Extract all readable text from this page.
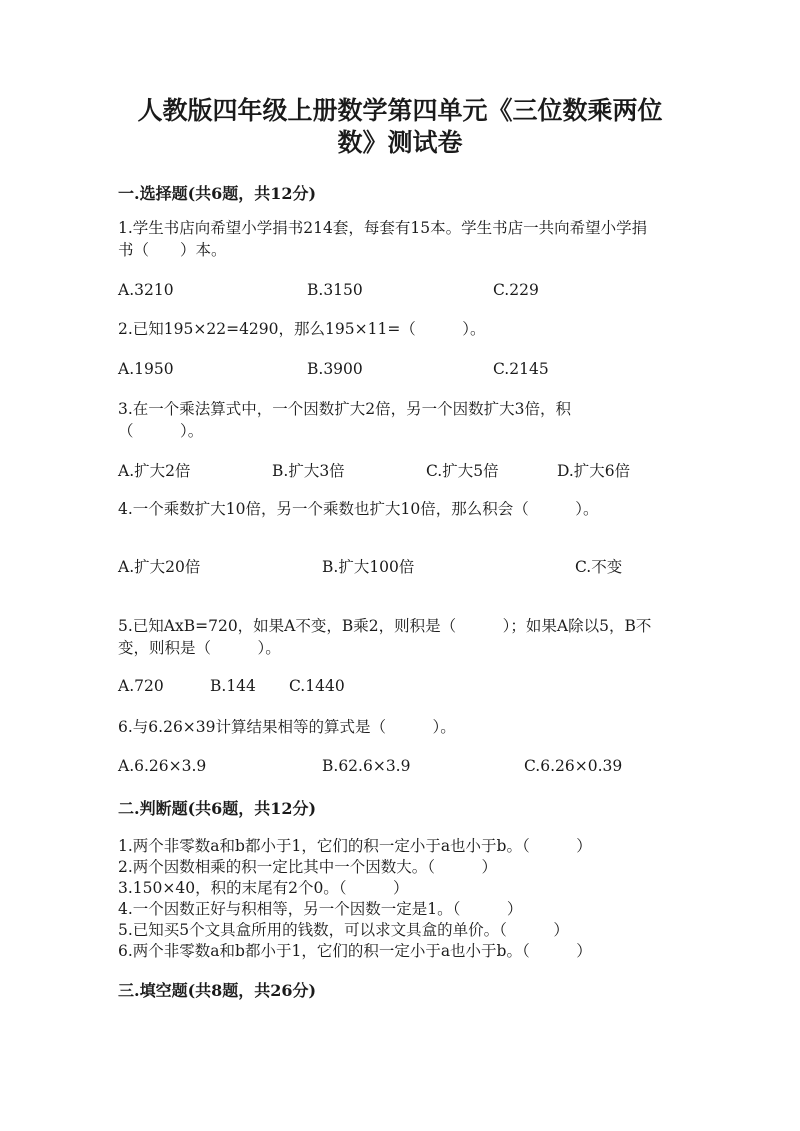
人教版四年级上册数学第四单元《三位数乘两位
数》测试卷

一.选择题(共6题，共12分)

1.学生书店向希望小学捐书214套，每套有15本。学生书店一共向希望小学捐
书（　　）本。

A.3210	B.3150	C.229

2.已知195×22=4290，那么195×11=（　　　）。

A.1950	B.3900	C.2145

3.在一个乘法算式中，一个因数扩大2倍，另一个因数扩大3倍，积
（　　　）。

A.扩大2倍	B.扩大3倍	C.扩大5倍	D.扩大6倍

4.一个乘数扩大10倍，另一个乘数也扩大10倍，那么积会（　　　）。

A.扩大20倍	B.扩大100倍	C.不变

5.已知AxB=720，如果A不变，B乘2，则积是（　　　）；如果A除以5，B不
变，则积是（　　　）。

A.720	B.144 C.1440

6.与6.26×39计算结果相等的算式是（　　　）。

A.6.26×3.9	B.62.6×3.9	C.6.26×0.39

二.判断题(共6题，共12分)

1.两个非零数a和b都小于1，它们的积一定小于a也小于b。（　　　）

2.两个因数相乘的积一定比其中一个因数大。（　　　）

3.150×40，积的末尾有2个0。（　　　）

4.一个因数正好与积相等，另一个因数一定是1。（　　　）

5.已知买5个文具盒所用的钱数，可以求文具盒的单价。（　　　）

6.两个非零数a和b都小于1，它们的积一定小于a也小于b。（　　　）

三.填空题(共8题，共26分)
